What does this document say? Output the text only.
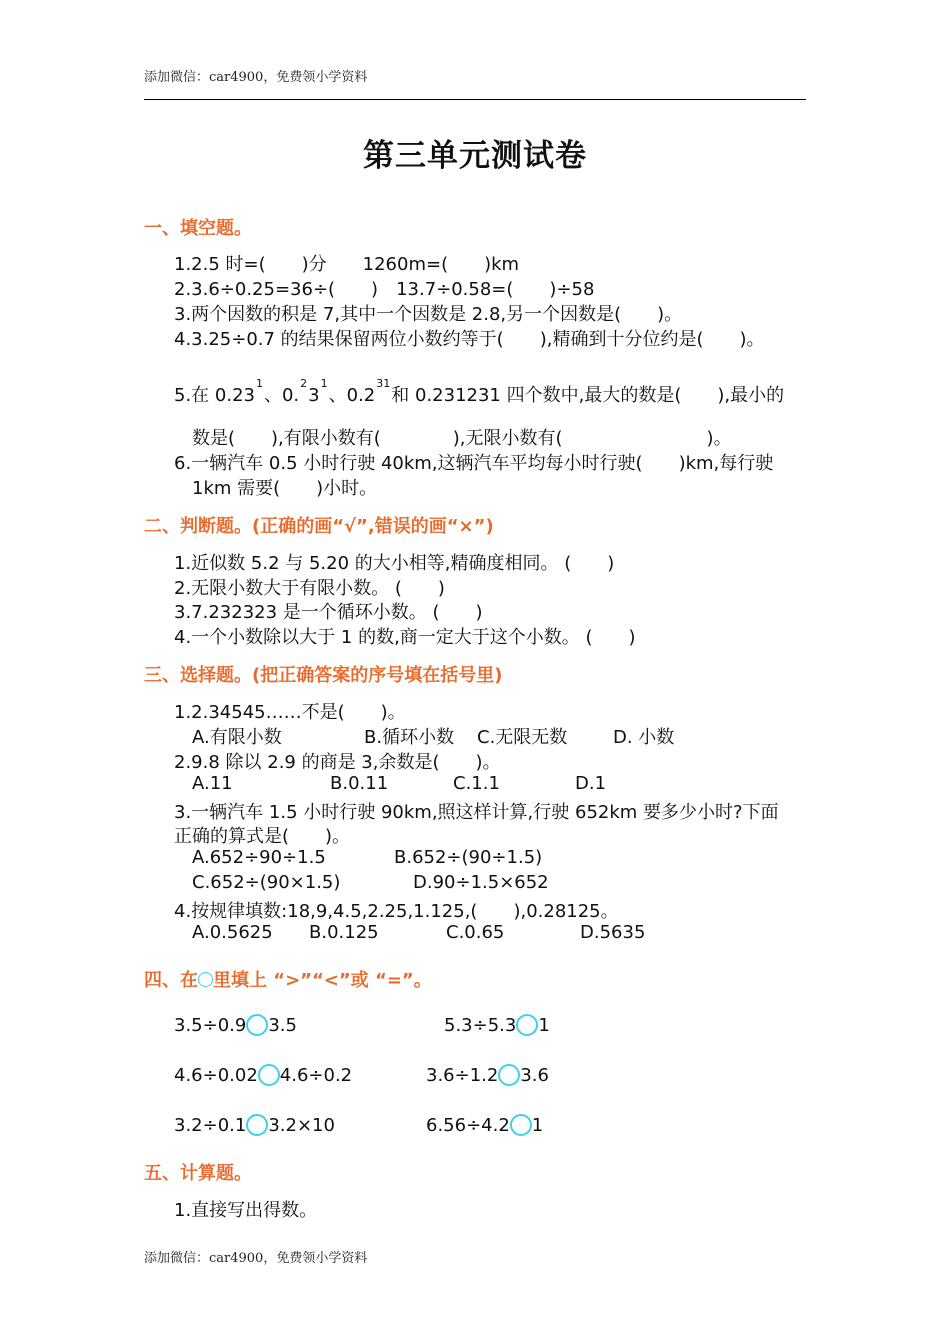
添加微信：car4900，免费领小学资料
第三单元测试卷
一、填空题。
1.2.5 时=(　　)分　　1260m=(　　)km
2.3.6÷0.25=36÷(　　)　13.7÷0.58=(　　)÷58
3.两个因数的积是 7,其中一个因数是 2.8,另一个因数是(　　)。
4.3.25÷0.7 的结果保留两位小数约等于(　　),精确到十分位约是(　　)。
5.在 0.23$^1$、$0.^23^1$、$0.2^{31}$和 0.231231 四个数中,最大的数是(　　),最小的
数是(　　),有限小数有(　　　　),无限小数有(　　　　　　　　)。
6.一辆汽车 0.5 小时行驶 40km,这辆汽车平均每小时行驶(　　)km,每行驶
1km 需要(　　)小时。
二、判断题。(正确的画“√”,错误的画“×”)
1.近似数 5.2 与 5.20 的大小相等,精确度相同。 (　　)
2.无限小数大于有限小数。 (　　)
3.7.232323 是一个循环小数。 (　　)
4.一个小数除以大于 1 的数,商一定大于这个小数。 (　　)
三、选择题。(把正确答案的序号填在括号里)
1.2.34545……不是(　　)。
A.有限小数	B.循环小数 C.无限无数	D. 小数
2.9.8 除以 2.9 的商是 3,余数是(　　)。
A.11	B.0.11	C.1.1	D.1
3.一辆汽车 1.5 小时行驶 90km,照这样计算,行驶 652km 要多少小时?下面
正确的算式是(　　)。
A.652÷90÷1.5	B.652÷(90÷1.5)
C.652÷(90×1.5)	D.90÷1.5×652
4.按规律填数:18,9,4.5,2.25,1.125,(　　),0.28125。
A.0.5625 B.0.125	C.0.65	D.5635
四、在 里填上 “>”“<”或 “=”。
3.5÷0.9 3.5	5.3÷5.3 1
4.6÷0.02 4.6÷0.2	3.6÷1.2 3.6
3.2÷0.1 3.2×10	6.56÷4.2 1
五、计算题。
1.直接写出得数。
添加微信：car4900，免费领小学资料
